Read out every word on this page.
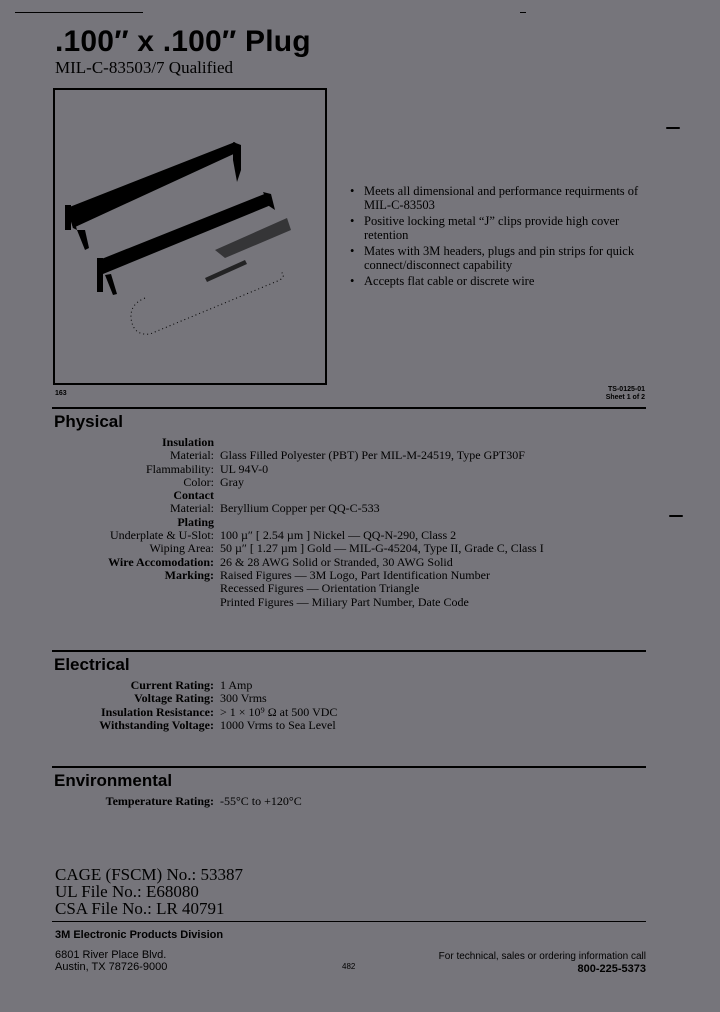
.100″ x .100″ Plug
MIL-C-83503/7 Qualified
163
TS-0125-01
Sheet 1 of 2
• Meets all dimensional and performance requirments of MIL-C-83503
• Positive locking metal “J” clips provide high cover retention
• Mates with 3M headers, plugs and pin strips for quick connect/disconnect capability
• Accepts flat cable or discrete wire
Physical
Insulation
Material: Glass Filled Polyester (PBT) Per MIL-M-24519, Type GPT30F
Flammability: UL 94V-0
Color: Gray
Contact
Material: Beryllium Copper per QQ-C-533
Plating
Underplate & U-Slot: 100 µ″ [ 2.54 µm ] Nickel — QQ-N-290, Class 2
Wiping Area: 50 µ″ [ 1.27 µm ] Gold — MIL-G-45204, Type II, Grade C, Class I
Wire Accomodation: 26 & 28 AWG Solid or Stranded, 30 AWG Solid
Marking: Raised Figures — 3M Logo, Part Identification Number
Recessed Figures — Orientation Triangle
Printed Figures — Miliary Part Number, Date Code
Electrical
Current Rating: 1 Amp
Voltage Rating: 300 Vrms
Insulation Resistance: > 1 × 10⁹ Ω at 500 VDC
Withstanding Voltage: 1000 Vrms to Sea Level
Environmental
Temperature Rating: -55°C to +120°C
CAGE (FSCM) No.: 53387
UL File No.: E68080
CSA File No.: LR 40791
3M Electronic Products Division
6801 River Place Blvd.
Austin, TX 78726-9000	482
For technical, sales or ordering information call
800-225-5373
